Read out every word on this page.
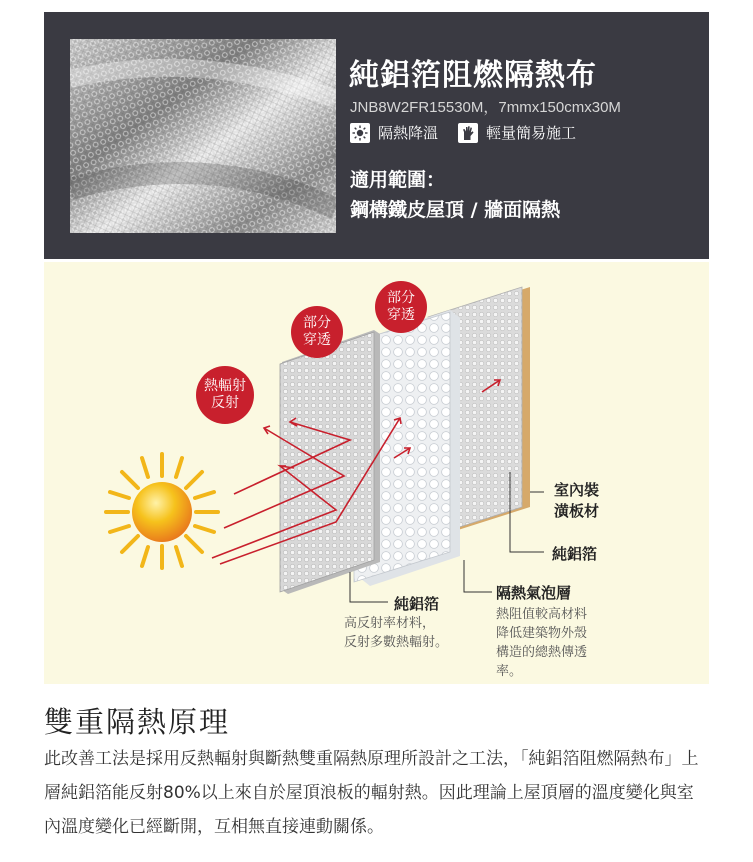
純鋁箔阻燃隔熱布
JNB8W2FR15530M，7mmx150cmx30M
隔熱降溫	輕量簡易施工
適用範圍：
鋼構鐵皮屋頂 / 牆面隔熱
熱輻射
反射
部分
穿透
部分
穿透
室內裝
潢板材
純鋁箔
隔熱氣泡層
純鋁箔
高反射率材料，
反射多數熱輻射。
熱阻值較高材料
降低建築物外殼
構造的總熱傳透
率。
雙重隔熱原理

此改善工法是採用反熱輻射與斷熱雙重隔熱原理所設計之工法，「純鋁箔阻燃隔熱布」上層純鋁箔能反射80%以上來自於屋頂浪板的輻射熱。因此理論上屋頂層的溫度變化與室內溫度變化已經斷開，互相無直接連動關係。
